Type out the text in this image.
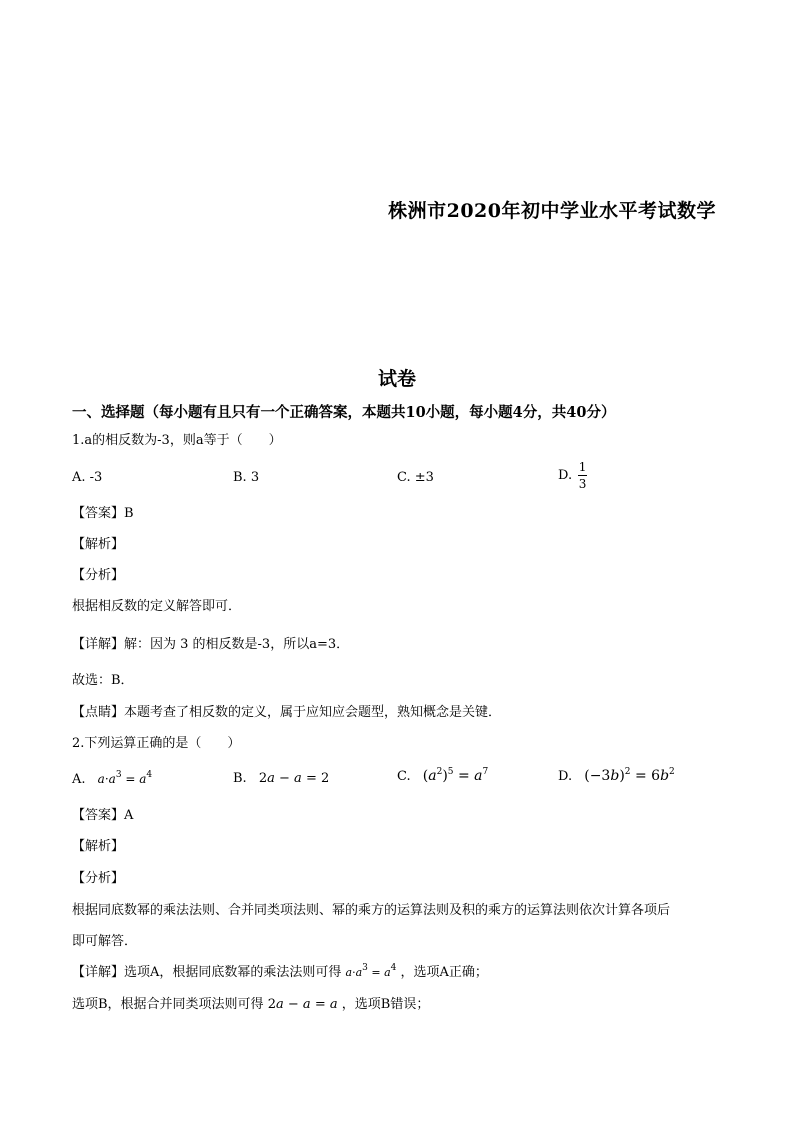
株洲市2020年初中学业水平考试数学
试卷
一、选择题（每小题有且只有一个正确答案，本题共10小题，每小题4分，共40分）
1.a的相反数为-3，则a等于（　　）
A. -3	B. 3	C. ±3	D. $\frac{1}{3}$
【答案】B
【解析】
【分析】
根据相反数的定义解答即可．
【详解】解：因为 3 的相反数是-3，所以a=3．
故选：B．
【点睛】本题考查了相反数的定义，属于应知应会题型，熟知概念是关键．
2.下列运算正确的是（　　）
A. $a\cdot a^3 = a^4$	B. 2a − a = 2	C. $(a^2)^5 = a^7$	D. $(-3b)^2 = 6b^2$
【答案】A
【解析】
【分析】
根据同底数幂的乘法法则、合并同类项法则、幂的乘方的运算法则及积的乘方的运算法则依次计算各项后
即可解答．
【详解】选项A，根据同底数幂的乘法法则可得 $a\cdot a^3 = a^4$ ，选项A正确；
选项B，根据合并同类项法则可得 2a − a = a ，选项B错误；
